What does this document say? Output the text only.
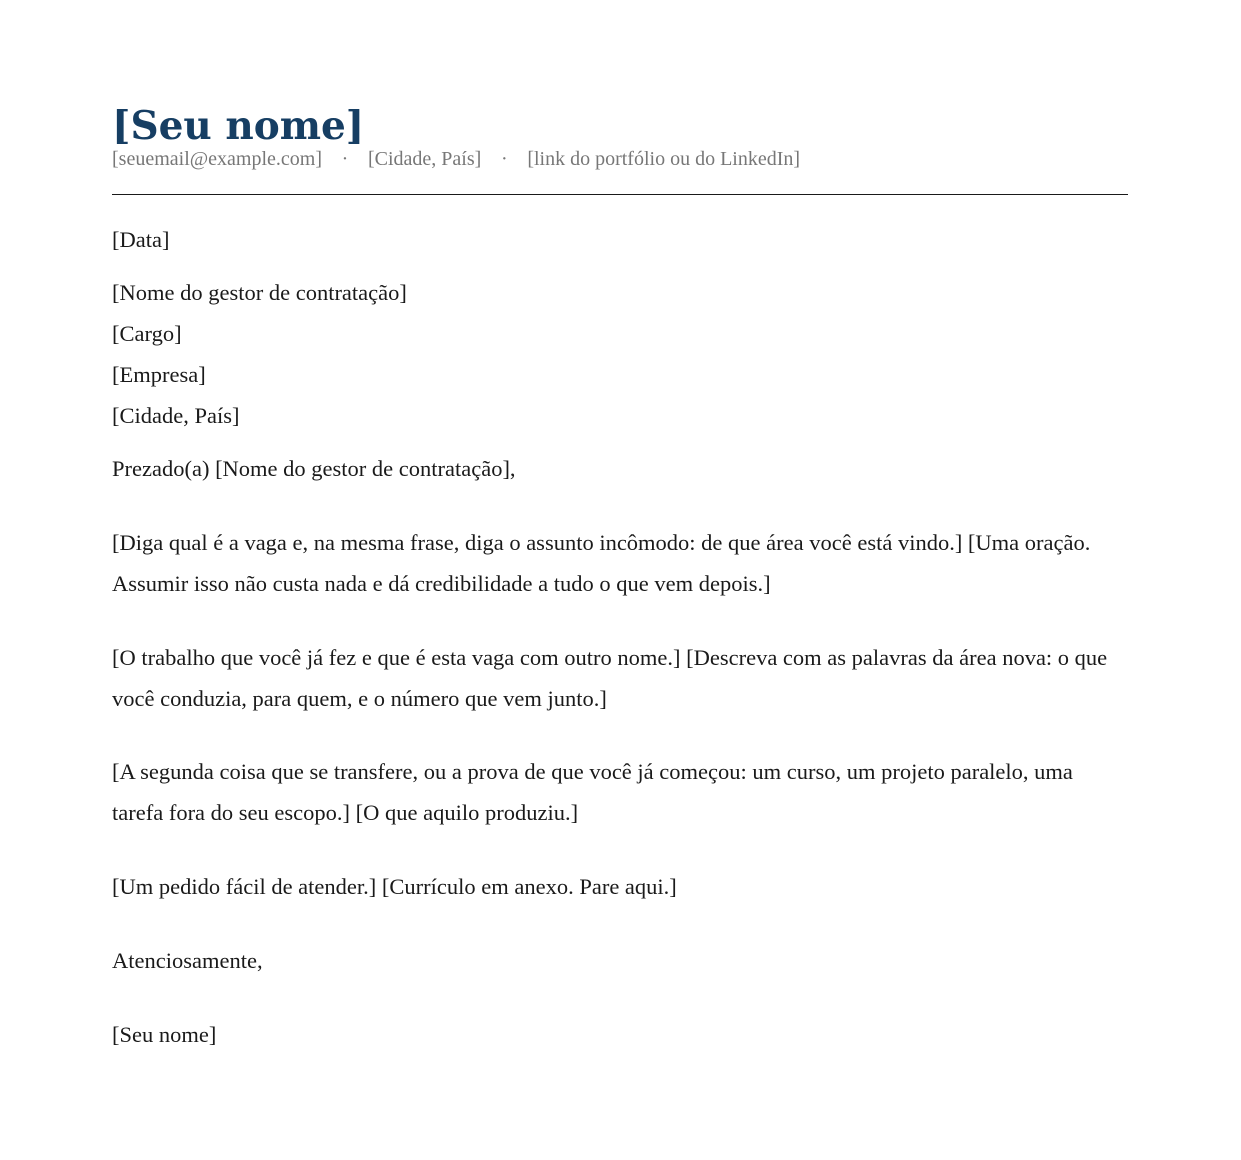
[Seu nome]
[seuemail@example.com] · [Cidade, País] · [link do portfólio ou do LinkedIn]
[Data]
[Nome do gestor de contratação]
[Cargo]
[Empresa]
[Cidade, País]
Prezado(a) [Nome do gestor de contratação],

[Diga qual é a vaga e, na mesma frase, diga o assunto incômodo: de que área você está vindo.] [Uma oração. Assumir isso não custa nada e dá credibilidade a tudo o que vem depois.]

[O trabalho que você já fez e que é esta vaga com outro nome.] [Descreva com as palavras da área nova: o que você conduzia, para quem, e o número que vem junto.]

[A segunda coisa que se transfere, ou a prova de que você já começou: um curso, um projeto paralelo, uma tarefa fora do seu escopo.] [O que aquilo produziu.]

[Um pedido fácil de atender.] [Currículo em anexo. Pare aqui.]

Atenciosamente,
[Seu nome]
